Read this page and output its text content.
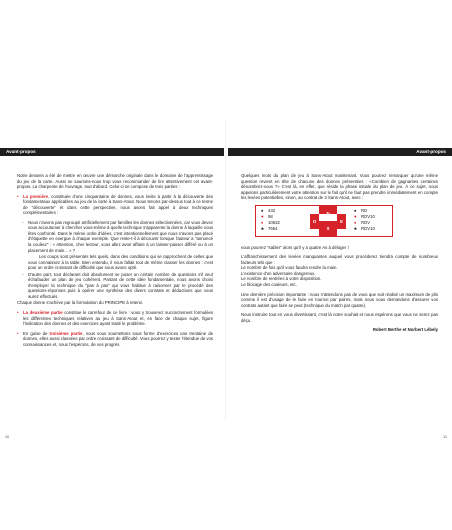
Avant-propos

Notre dessein a été de mettre en œuvre une démarche originale dans le domaine de l'apprentissage du jeu de la carte. Aussi ne saurions-nous trop vous recommander de lire attentivement cet avant-propos. La charpente de l'ouvrage, tout d'abord. Celui-ci se compose de trois parties :

• La première, constituée d'une cinquantaine de donnes, vous invite à partir à la découverte des fondamentaux applicables au jeu de la carte à Sans-Atout. Nous tenons par-dessus tout à ce terme de "découverte" et dans cette perspective, nous avons fait appel à deux techniques complémentaires :
- Nous n'avons pas regroupé artificiellement par familles les donnes sélectionnées, car vous devez vous accoutumer à chercher vous-même à quelle technique s'apparente la donne à laquelle vous êtes confronté. Dans le même ordre d'idées, c'est intentionnellement que nous n'avons pas placé d'étiquette en exergue à chaque exemple. Que reste-t-il à découvrir lorsque l'auteur a "annoncé la couleur" : « Attention, cher lecteur, vous allez avoir affaire à un laisser-passer différé ou à un placement de main... » ?
Les coups sont présentés tels quels, dans des conditions qui se rapprochent de celles que vous connaissez à la table. Bien entendu, il nous fallait tout de même classer les donnes : c'est pour un ordre croissant de difficulté que nous avons opté.
- D'autre part, tout déclarant doit absolument se poser un certain nombre de questions s'il veut échafauder un plan de jeu cohérent. Partant de cette idée fondamentale, nous avons choisi d'employer la technique du "pas à pas" qui vous habitue à raisonner par le procédé des questions-réponses puis à opérer une synthèse des divers constats et déductions que vous aurez effectués.

Chaque donne s'achève par la formulation du PRINCIPE à retenir.

• La deuxième partie constitue le carrefour de ce livre : vous y trouverez succinctement formulées les différentes techniques relatives au jeu à Sans-Atout et, en face de chaque sujet, figure l'indication des donnes et des exercices ayant traité le problème.
• En guise de troisième partie, nous vous soumettons sous forme d'exercices une trentaine de donnes, elles aussi classées par ordre croissant de difficulté. Vous pourrez y tester l'étendue de vos connaissances et, nous l'espérons, de vos progrès.
10
Avant-propos

Quelques mots du plan de jeu à Sans-Atout maintenant. Vous pourrez remarquer qu'une même question revient en tête de chacune des donnes présentées : «Combien de gagnantes certaines dénombrez-vous ?» C'est là, en effet, que réside la phase initiale du plan de jeu. À ce sujet, nous appelons particulièrement votre attention sur le fait qu'il ne faut pas prendre immédiatement en compte les levées potentielles, sinon, au contrat de 3 Sans-Atout, avec :

♠ 432
♥ 98
♦ 10632
♣ 7654
O	E
S
♠ RD
♥ RDV10
♦ RDV
♣ RDV10

vous pourrez "sabler" alors qu'il y a quatre As à déloger !

L'affranchissement des levées manquantes auquel vous procéderez tiendra compte de nombreux facteurs tels que :

Le nombre de fois qu'il vous faudra rendre la main.
L'existence d'un adversaire dangereux.
Le nombre de rentrées à votre disposition.
Le blocage des couleurs, etc.

Une dernière précision importante : nous n'attendons pas de vous que soit réalisé un maximum de plis comme il est d'usage de le faire en tournoi par paires, mais nous vous demandons d'assurer vos contrats autant que faire se peut (technique du match par quatre).

Nous instruire tout en vous divertissant, c'est là notre souhait et nous espérons que vous ne serez pas déçu.

Robert Berthe et Norbert Lébely
11
